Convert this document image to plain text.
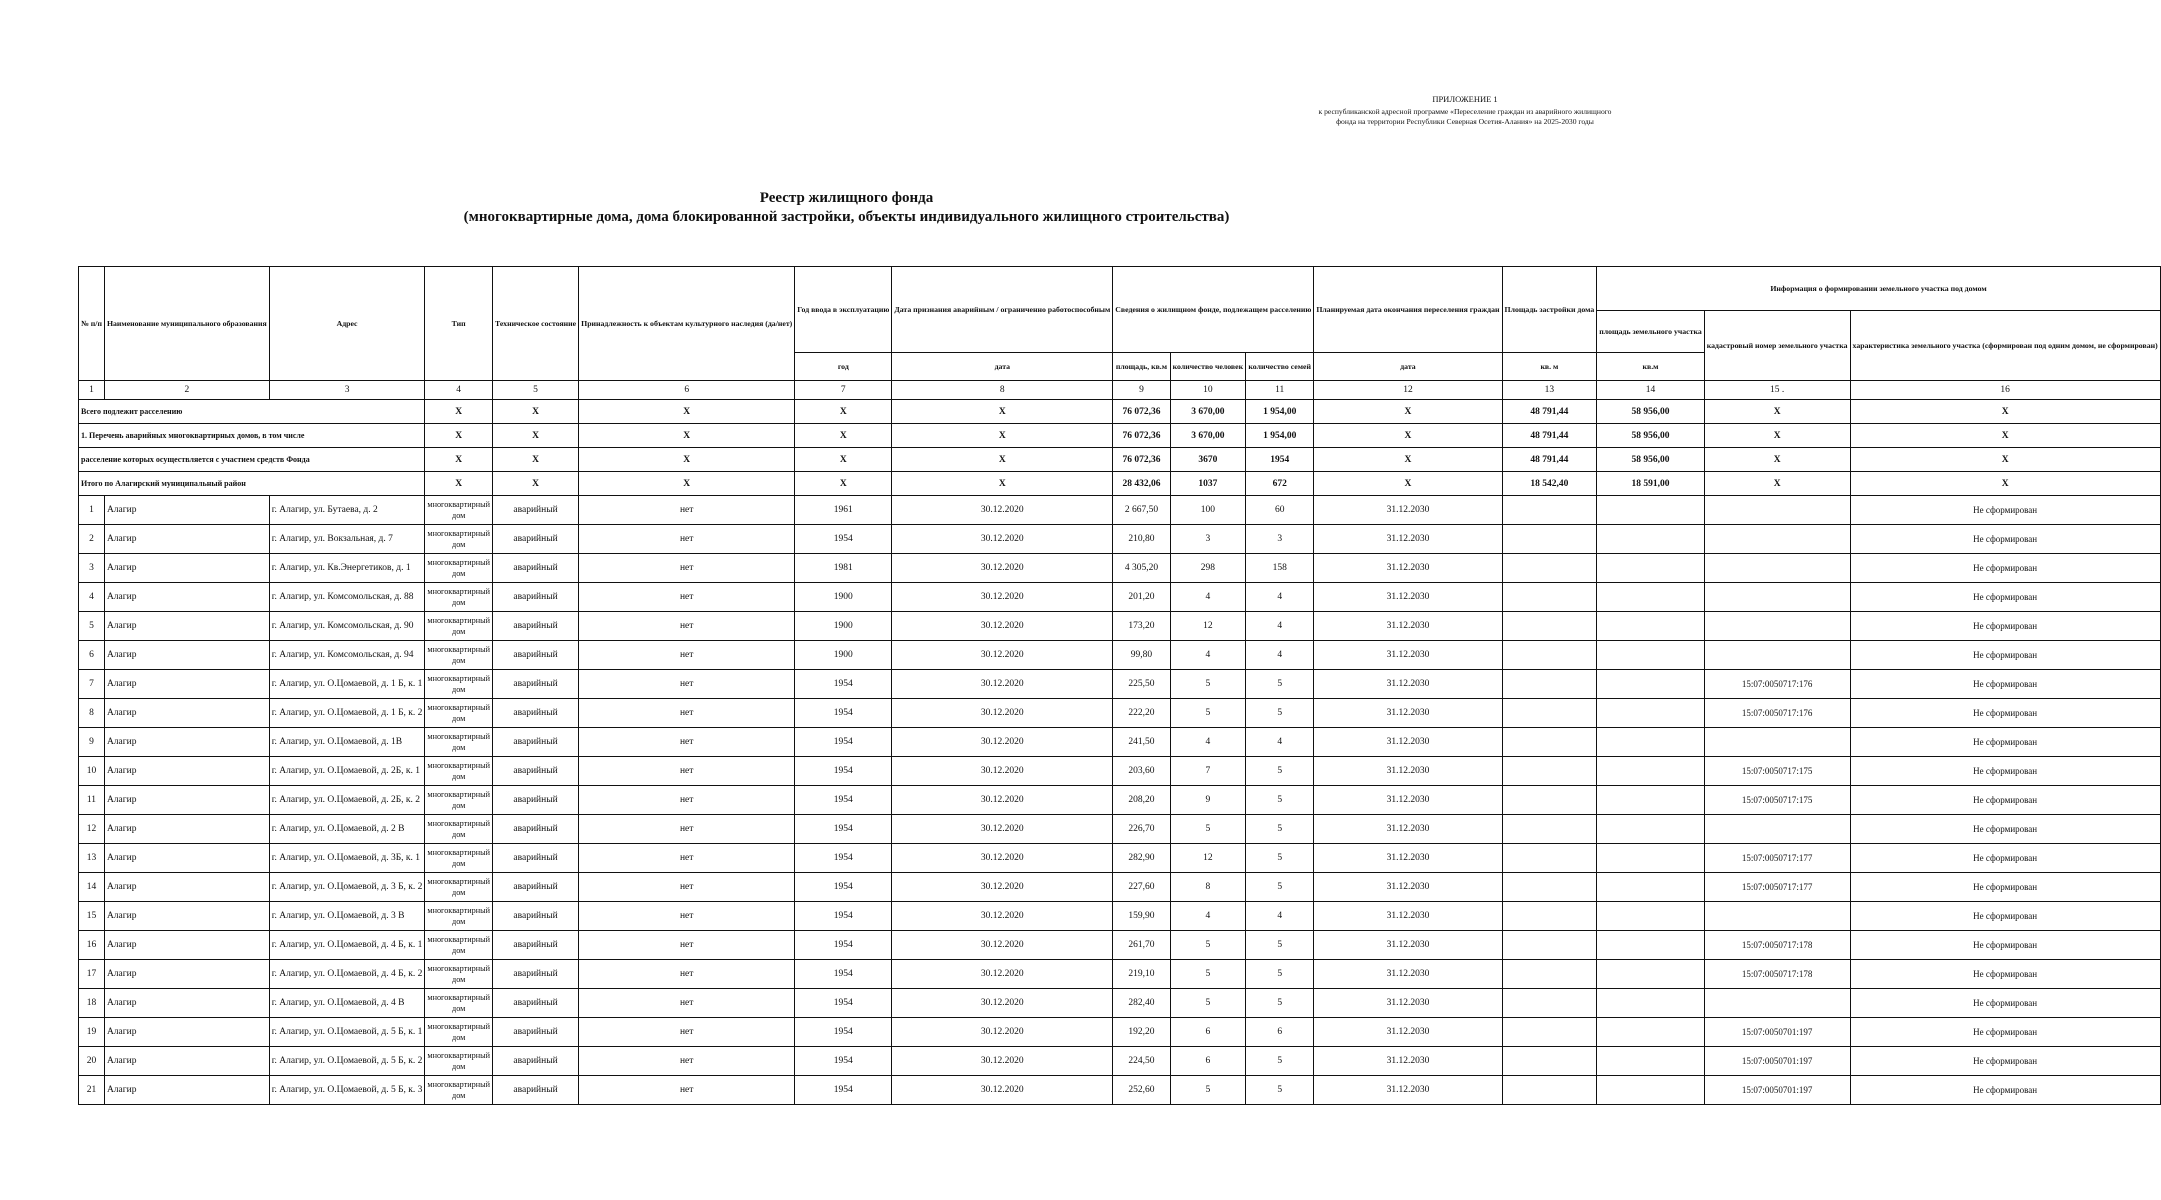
ПРИЛОЖЕНИЕ 1
к республиканской адресной программе «Переселение граждан из аварийного жилищного фонда на территории Республики Северная Осетия-Алания» на 2025-2030 годы
Реестр жилищного фонда
(многоквартирные дома, дома блокированной застройки, объекты индивидуального жилищного строительства)
№ п/п	Наименование муниципального образования	Адрес	Тип	Техническое состояние	Принадлежность к объектам культурного наследия (да/нет)	Год ввода в эксплуатацию	Дата признания аварийным / ограниченно работоспособным	Сведения о жилищном фонде, подлежащем расселению			Планируемая дата окончания переселения граждан	Площадь застройки дома	Информация о формировании земельного участка под домом		
													площадь земельного участка	кадастровый номер земельного участка	характеристика земельного участка (сформирован под одним домом, не сформирован)
						год	дата	площадь, кв.м	количество человек	количество семей	дата	кв. м	кв.м		
1	2	3	4	5	6	7	8	9	10	11	12	13	14	15 .	16
Всего подлежит расселению			X	X	X	X	X	76 072,36	3 670,00	1 954,00	X	48 791,44	58 956,00	X	X
1. Перечень аварийных многоквартирных домов, в том числе			X	X	X	X	X	76 072,36	3 670,00	1 954,00	X	48 791,44	58 956,00	X	X
расселение которых осуществляется с участием средств Фонда			X	X	X	X	X	76 072,36	3670	1954	X	48 791,44	58 956,00	X	X
Итого по Алагирский муниципальный район			X	X	X	X	X	28 432,06	1037	672	X	18 542,40	18 591,00	X	X
1	Алагир	г. Алагир, ул. Бутаева, д. 2	многоквартирный дом	аварийный	нет	1961	30.12.2020	2 667,50	100	60	31.12.2030				Не сформирован
2	Алагир	г. Алагир, ул. Вокзальная, д. 7	многоквартирный дом	аварийный	нет	1954	30.12.2020	210,80	3	3	31.12.2030				Не сформирован
3	Алагир	г. Алагир, ул. Кв.Энергетиков, д. 1	многоквартирный дом	аварийный	нет	1981	30.12.2020	4 305,20	298	158	31.12.2030				Не сформирован
4	Алагир	г. Алагир, ул. Комсомольская, д. 88	многоквартирный дом	аварийный	нет	1900	30.12.2020	201,20	4	4	31.12.2030				Не сформирован
5	Алагир	г. Алагир, ул. Комсомольская, д. 90	многоквартирный дом	аварийный	нет	1900	30.12.2020	173,20	12	4	31.12.2030				Не сформирован
6	Алагир	г. Алагир, ул. Комсомольская, д. 94	многоквартирный дом	аварийный	нет	1900	30.12.2020	99,80	4	4	31.12.2030				Не сформирован
7	Алагир	г. Алагир, ул. О.Цомаевой, д. 1 Б, к. 1	многоквартирный дом	аварийный	нет	1954	30.12.2020	225,50	5	5	31.12.2030			15:07:0050717:176	Не сформирован
8	Алагир	г. Алагир, ул. О.Цомаевой, д. 1 Б, к. 2	многоквартирный дом	аварийный	нет	1954	30.12.2020	222,20	5	5	31.12.2030			15:07:0050717:176	Не сформирован
9	Алагир	г. Алагир, ул. О.Цомаевой, д. 1В	многоквартирный дом	аварийный	нет	1954	30.12.2020	241,50	4	4	31.12.2030				Не сформирован
10	Алагир	г. Алагир, ул. О.Цомаевой, д. 2Б, к. 1	многоквартирный дом	аварийный	нет	1954	30.12.2020	203,60	7	5	31.12.2030			15:07:0050717:175	Не сформирован
11	Алагир	г. Алагир, ул. О.Цомаевой, д. 2Б, к. 2	многоквартирный дом	аварийный	нет	1954	30.12.2020	208,20	9	5	31.12.2030			15:07:0050717:175	Не сформирован
12	Алагир	г. Алагир, ул. О.Цомаевой, д. 2 В	многоквартирный дом	аварийный	нет	1954	30.12.2020	226,70	5	5	31.12.2030				Не сформирован
13	Алагир	г. Алагир, ул. О.Цомаевой, д. 3Б, к. 1	многоквартирный дом	аварийный	нет	1954	30.12.2020	282,90	12	5	31.12.2030			15:07:0050717:177	Не сформирован
14	Алагир	г. Алагир, ул. О.Цомаевой, д. 3 Б, к. 2	многоквартирный дом	аварийный	нет	1954	30.12.2020	227,60	8	5	31.12.2030			15:07:0050717:177	Не сформирован
15	Алагир	г. Алагир, ул. О.Цомаевой, д. 3 В	многоквартирный дом	аварийный	нет	1954	30.12.2020	159,90	4	4	31.12.2030				Не сформирован
16	Алагир	г. Алагир, ул. О.Цомаевой, д. 4 Б, к. 1	многоквартирный дом	аварийный	нет	1954	30.12.2020	261,70	5	5	31.12.2030			15:07:0050717:178	Не сформирован
17	Алагир	г. Алагир, ул. О.Цомаевой, д. 4 Б, к. 2	многоквартирный дом	аварийный	нет	1954	30.12.2020	219,10	5	5	31.12.2030			15:07:0050717:178	Не сформирован
18	Алагир	г. Алагир, ул. О.Цомаевой, д. 4 В	многоквартирный дом	аварийный	нет	1954	30.12.2020	282,40	5	5	31.12.2030				Не сформирован
19	Алагир	г. Алагир, ул. О.Цомаевой, д. 5 Б, к. 1	многоквартирный дом	аварийный	нет	1954	30.12.2020	192,20	6	6	31.12.2030			15:07:0050701:197	Не сформирован
20	Алагир	г. Алагир, ул. О.Цомаевой, д. 5 Б, к. 2	многоквартирный дом	аварийный	нет	1954	30.12.2020	224,50	6	5	31.12.2030			15:07:0050701:197	Не сформирован
21	Алагир	г. Алагир, ул. О.Цомаевой, д. 5 Б, к. 3	многоквартирный дом	аварийный	нет	1954	30.12.2020	252,60	5	5	31.12.2030			15:07:0050701:197	Не сформирован
